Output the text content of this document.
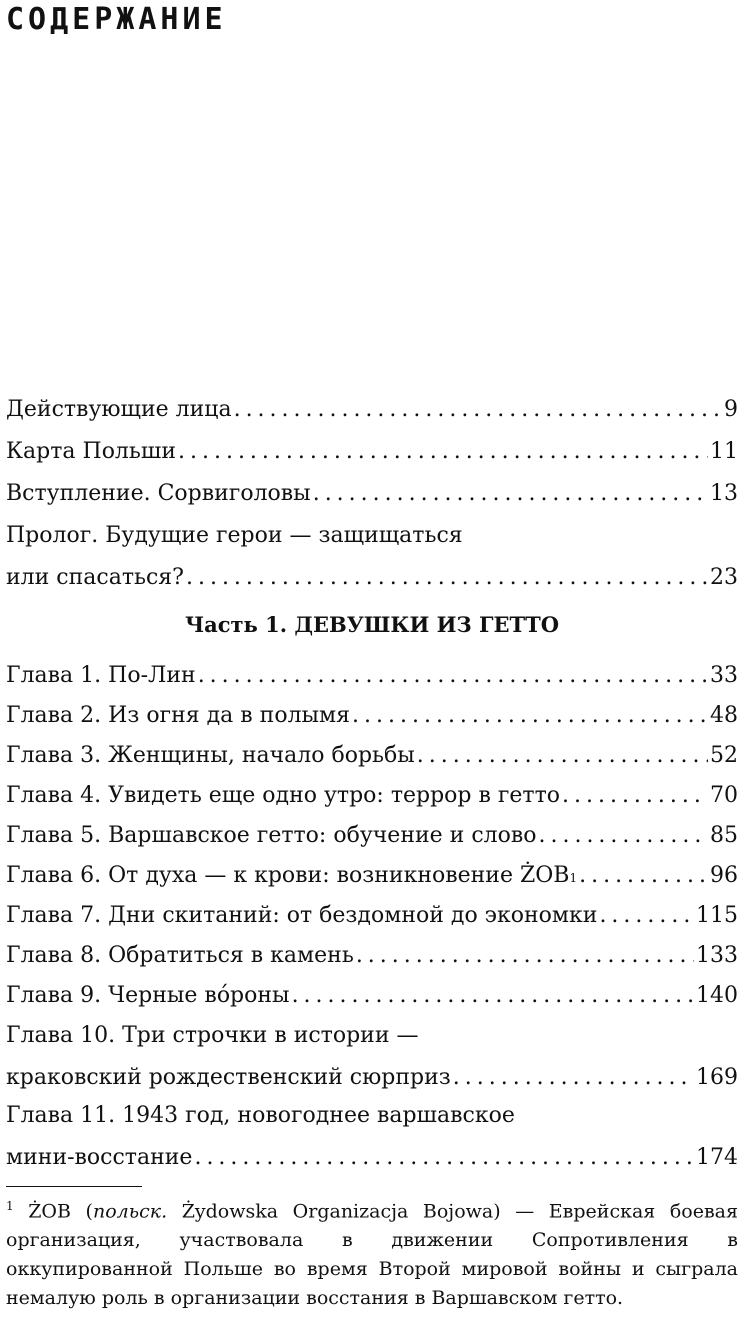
СОДЕРЖАНИЕ
Действующие лица . . .	9
Карта Польши . . .	11
Вступление. Сорвиголовы . . .	13
Пролог. Будущие герои — защищаться
или спасаться? . . .	23
Часть 1. ДЕВУШКИ ИЗ ГЕТТО
Глава 1. По-Лин . . .	33
Глава 2. Из огня да в полымя . . .	48
Глава 3. Женщины, начало борьбы . . .	52
Глава 4. Увидеть еще одно утро: террор в гетто . . .	70
Глава 5. Варшавское гетто: обучение и слово . . .	85
Глава 6. От духа — к крови: возникновение ŻOB 1 . . .	96
Глава 7. Дни скитаний: от бездомной до экономки . . .	115
Глава 8. Обратиться в камень . . .	133
Глава 9. Черные во́роны . . .	140
Глава 10. Три строчки в истории —
краковский рождественский сюрприз . . .	169
Глава 11. 1943 год, новогоднее варшавское
мини-восстание . . .	174
$^1$ ŻOB (польск. Żydowska Organizacja Bojowa) — Еврейская боевая организация, участвовала в движении Сопротивления в оккупированной Польше во время Второй мировой войны и сыграла немалую роль в организации восстания в Варшавском гетто.
